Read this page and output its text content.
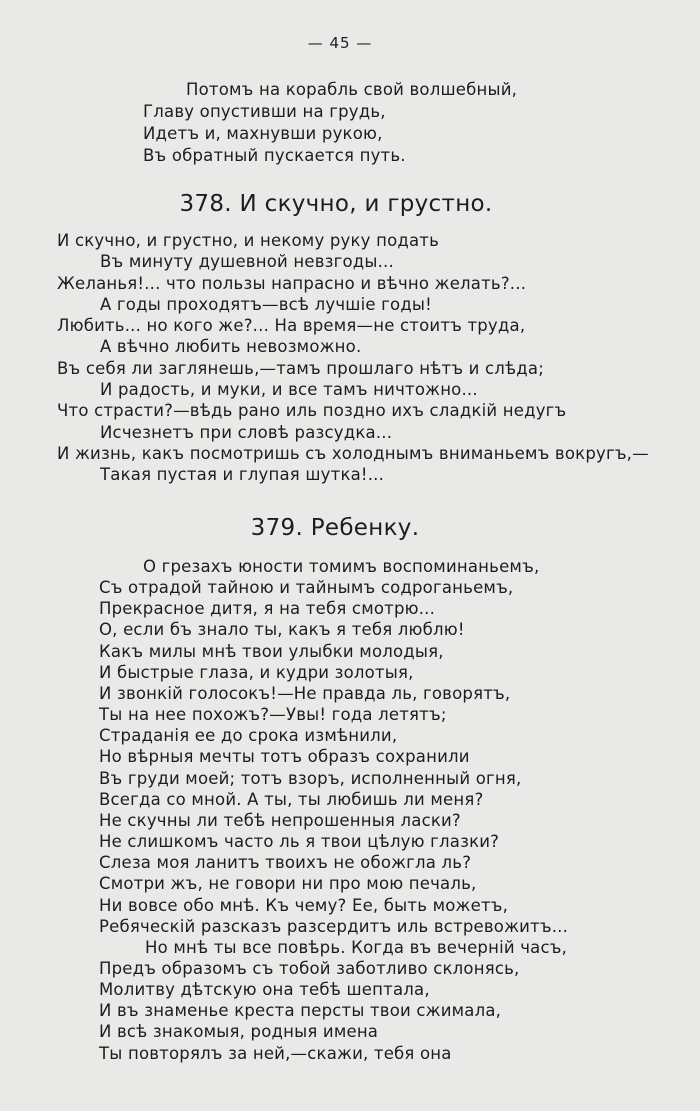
— 45 —
Потомъ на корабль свой волшебный,
Главу опустивши на грудь,
Идетъ и, махнувши рукою,
Въ обратный пускается путь.
378. И скучно, и грустно.
И скучно, и грустно, и некому руку подать
Въ минуту душевной невзгоды...
Желанья!... что пользы напрасно и вѣчно желать?...
А годы проходятъ—всѣ лучшіе годы!
Любить... но кого же?... На время—не стоитъ труда,
А вѣчно любить невозможно.
Въ себя ли заглянешь,—тамъ прошлаго нѣтъ и слѣда;
И радость, и муки, и все тамъ ничтожно...
Что страсти?—вѣдь рано иль поздно ихъ сладкій недугъ
Исчезнетъ при словѣ разсудка...
И жизнь, какъ посмотришь съ холоднымъ вниманьемъ вокругъ,—
Такая пустая и глупая шутка!...
379. Ребенку.
О грезахъ юности томимъ воспоминаньемъ,
Съ отрадой тайною и тайнымъ содроганьемъ,
Прекрасное дитя, я на тебя смотрю...
О, если бъ знало ты, какъ я тебя люблю!
Какъ милы мнѣ твои улыбки молодыя,
И быстрые глаза, и кудри золотыя,
И звонкій голосокъ!—Не правда ль, говорятъ,
Ты на нее похожъ?—Увы! года летятъ;
Страданія ее до срока измѣнили,
Но вѣрныя мечты тотъ образъ сохранили
Въ груди моей; тотъ взоръ, исполненный огня,
Всегда со мной. А ты, ты любишь ли меня?
Не скучны ли тебѣ непрошенныя ласки?
Не слишкомъ часто ль я твои цѣлую глазки?
Слеза моя ланитъ твоихъ не обожгла ль?
Смотри жъ, не говори ни про мою печаль,
Ни вовсе обо мнѣ. Къ чему? Ее, быть можетъ,
Ребяческій разсказъ разсердитъ иль встревожитъ...
Но мнѣ ты все повѣрь. Когда въ вечерній часъ,
Предъ образомъ съ тобой заботливо склонясь,
Молитву дѣтскую она тебѣ шептала,
И въ знаменье креста персты твои сжимала,
И всѣ знакомыя, родныя имена
Ты повторялъ за ней,—скажи, тебя она
